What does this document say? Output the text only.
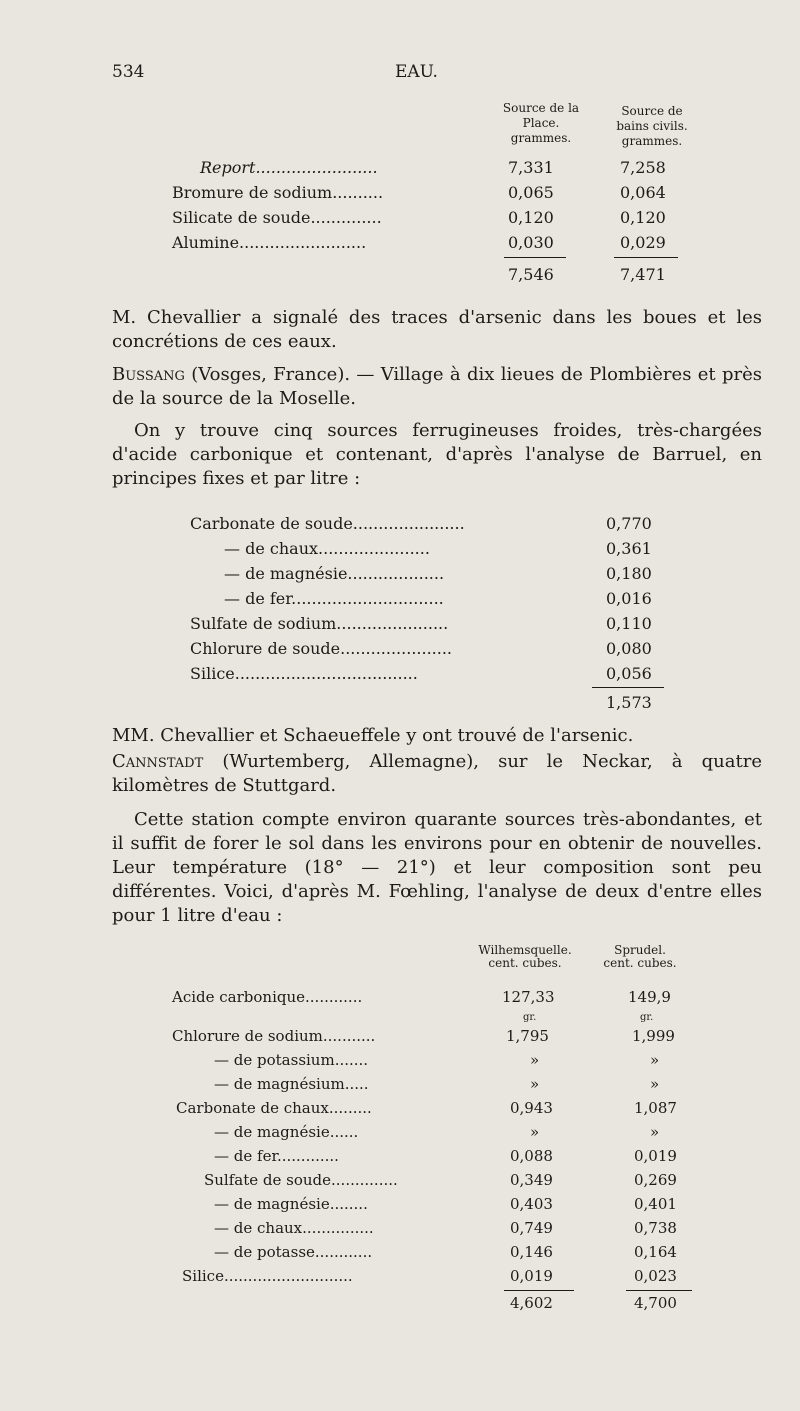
534	EAU.
Source de la
Place.
grammes.
Source de
bains civils.
grammes.
Report........................	7,331	7,258
Bromure de sodium..........	0,065	0,064
Silicate de soude..............	0,120	0,120
Alumine.........................	0,030	0,029
7,546	7,471
M. Chevallier a signalé des traces d'arsenic dans les boues et les concrétions de ces eaux.
Bussang (Vosges, France). — Village à dix lieues de Plombières et près de la source de la Moselle.
On y trouve cinq sources ferrugineuses froides, très-chargées d'acide carbonique et contenant, d'après l'analyse de Barruel, en principes fixes et par litre :
Carbonate de soude......................	0,770
— de chaux......................	0,361
— de magnésie...................	0,180
— de fer..............................	0,016
Sulfate de sodium......................	0,110
Chlorure de soude......................	0,080
Silice....................................	0,056
1,573
MM. Chevallier et Schaeueffele y ont trouvé de l'arsenic.
Cannstadt (Wurtemberg, Allemagne), sur le Neckar, à quatre kilomètres de Stuttgard.
Cette station compte environ quarante sources très-abondantes, et il suffit de forer le sol dans les environs pour en obtenir de nouvelles. Leur température (18° — 21°) et leur composition sont peu différentes. Voici, d'après M. Fœhling, l'analyse de deux d'entre elles pour 1 litre d'eau :
Wilhemsquelle.
cent. cubes.
Sprudel.
cent. cubes.
Acide carbonique............	127,33	149,9
gr.	gr.
Chlorure de sodium...........	1,795	1,999
— de potassium.......	»	»
— de magnésium.....	»	»
Carbonate de chaux.........	0,943	1,087
— de magnésie......	»	»
— de fer.............	0,088	0,019
Sulfate de soude..............	0,349	0,269
— de magnésie........	0,403	0,401
— de chaux...............	0,749	0,738
— de potasse............	0,146	0,164
Silice...........................	0,019	0,023
4,602	4,700
